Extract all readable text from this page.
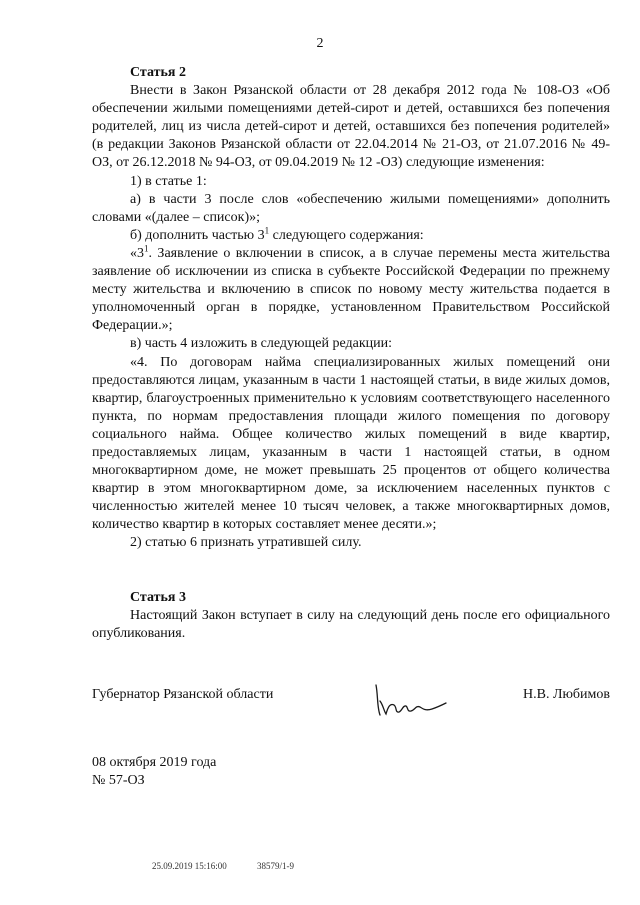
2

Статья 2

Внести в Закон Рязанской области от 28 декабря 2012 года № 108-ОЗ «Об обеспечении жилыми помещениями детей-сирот и детей, оставшихся без попечения родителей, лиц из числа детей-сирот и детей, оставшихся без попечения родителей» (в редакции Законов Рязанской области от 22.04.2014 № 21-ОЗ, от 21.07.2016 № 49-ОЗ, от 26.12.2018 № 94-ОЗ, от 09.04.2019 № 12 -ОЗ) следующие изменения:

1) в статье 1:

а) в части 3 после слов «обеспечению жилыми помещениями» дополнить словами «(далее – список)»;

б) дополнить частью $3^1$ следующего содержания:

«$3^1$. Заявление о включении в список, а в случае перемены места жительства заявление об исключении из списка в субъекте Российской Федерации по прежнему месту жительства и включению в список по новому месту жительства подается в уполномоченный орган в порядке, установленном Правительством Российской Федерации.»;

в) часть 4 изложить в следующей редакции:

«4. По договорам найма специализированных жилых помещений они предоставляются лицам, указанным в части 1 настоящей статьи, в виде жилых домов, квартир, благоустроенных применительно к условиям соответствующего населенного пункта, по нормам предоставления площади жилого помещения по договору социального найма. Общее количество жилых помещений в виде квартир, предоставляемых лицам, указанным в части 1 настоящей статьи, в одном многоквартирном доме, не может превышать 25 процентов от общего количества квартир в этом многоквартирном доме, за исключением населенных пунктов с численностью жителей менее 10 тысяч человек, а также многоквартирных домов, количество квартир в которых составляет менее десяти.»;

2) статью 6 признать утратившей силу.

Статья 3

Настоящий Закон вступает в силу на следующий день после его официального опубликования.

Губернатор Рязанской области	Н.В. Любимов
08 октября 2019 года
№ 57-ОЗ
25.09.2019 15:16:00	38579/1-9
